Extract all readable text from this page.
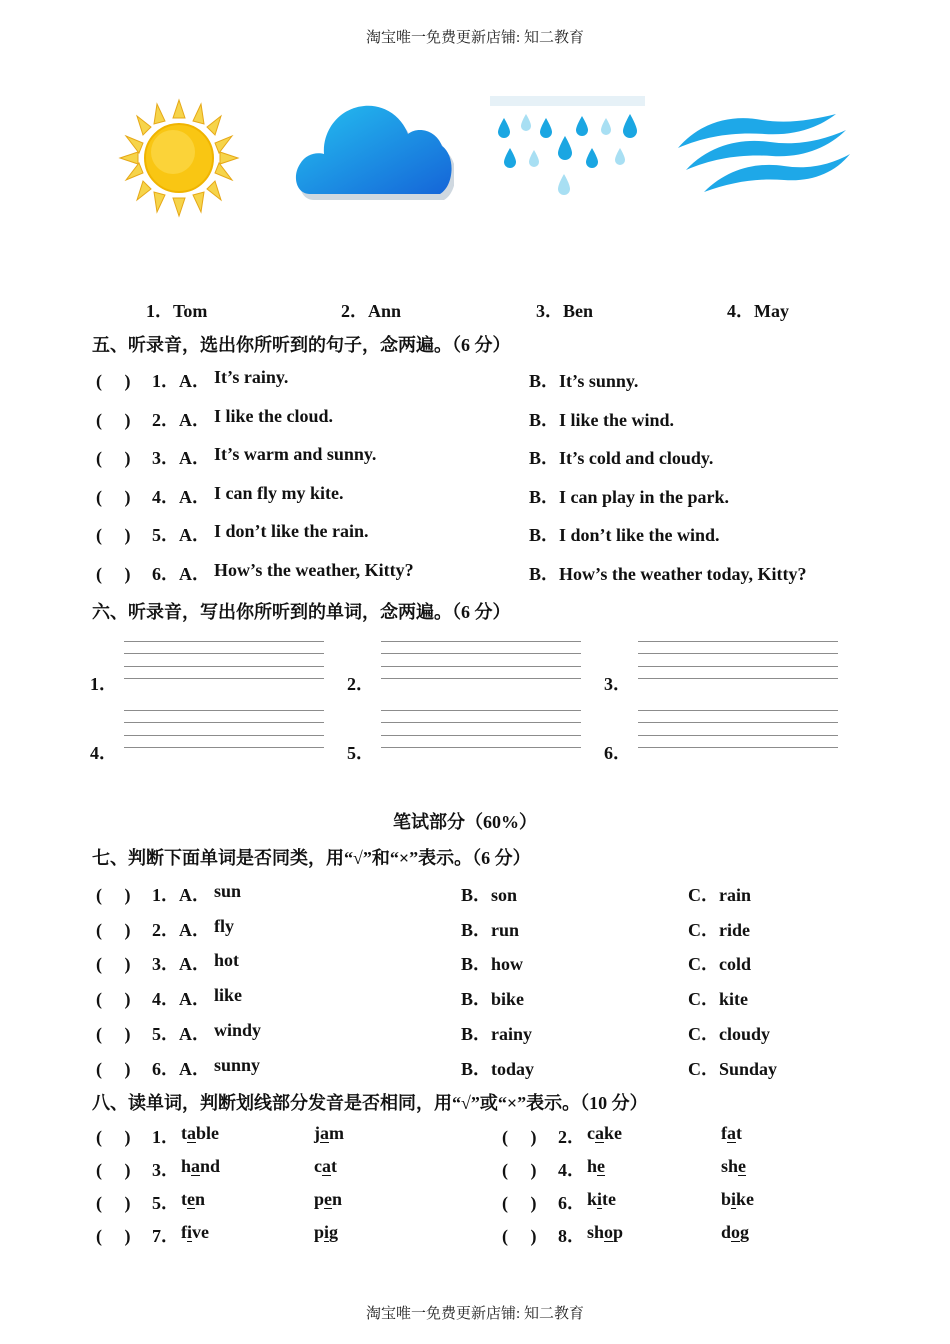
淘宝唯一免费更新店铺: 知二教育
1．Tom	2．Ann	3．Ben	4．May
五、听录音，选出你所听到的句子，念两遍。（6 分）
(　 ) 1．A． It’s rainy.	B．It’s sunny.
(　 ) 2．A． I like the cloud.	B．I like the wind.
(　 ) 3．A． It’s warm and sunny.	B．It’s cold and cloudy.
(　 ) 4．A． I can fly my kite.	B．I can play in the park.
(　 ) 5．A． I don’t like the rain.	B．I don’t like the wind.
(　 ) 6．A． How’s the weather, Kitty?	B．How’s the weather today, Kitty?
六、听录音，写出你所听到的单词，念两遍。（6 分）
1．	2．	3．
4．	5．	6．
笔试部分（60%）
七、判断下面单词是否同类，用“√”和“×”表示。（6 分）
(　 ) 1．A． sun	B．son	C．rain
(　 ) 2．A． fly	B．run	C．ride
(　 ) 3．A． hot	B．how	C．cold
(　 ) 4．A． like	B．bike	C．kite
(　 ) 5．A． windy	B．rainy	C．cloudy
(　 ) 6．A． sunny	B．today	C．Sunday
八、读单词，判断划线部分发音是否相同，用“√”或“×”表示。（10 分）
(　 ) 1． table	jam	(　 ) 2． cake	fat
(　 ) 3． hand	cat	(　 ) 4． he	she
(　 ) 5． ten	pen	(　 ) 6． kite	bike
(　 ) 7． five	pig	(　 ) 8． shop	dog
淘宝唯一免费更新店铺: 知二教育
